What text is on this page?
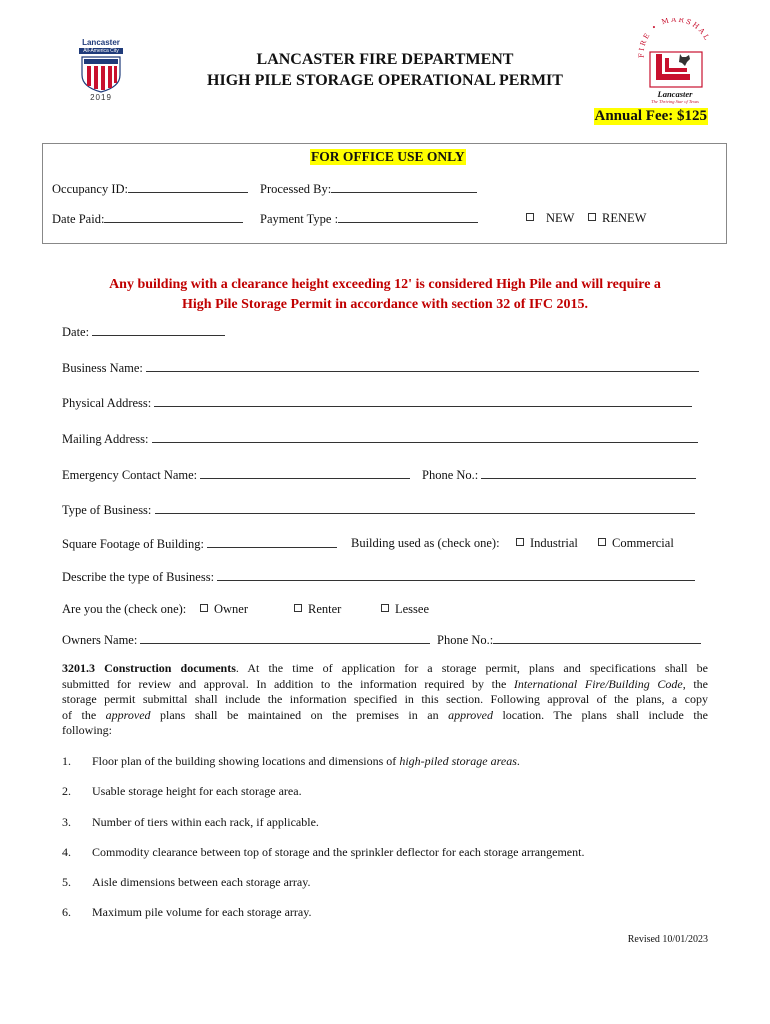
Lancaster
All-America City
2019
LANCASTER FIRE DEPARTMENT
HIGH PILE STORAGE OPERATIONAL PERMIT
FIRE • MARSHAL
Lancaster
The Thriving Star of Texas
Annual Fee: $125
FOR OFFICE USE ONLY
Occupancy ID:	Processed By:
Date Paid:	Payment Type :	NEW	RENEW
Any building with a clearance height exceeding 12' is considered High Pile and will require a
High Pile Storage Permit in accordance with section 32 of IFC 2015.
Date:
Business Name:
Physical Address:
Mailing Address:
Emergency Contact Name:	Phone No.:
Type of Business:
Square Footage of Building:	Building used as (check one):	Industrial	Commercial
Describe the type of Business:
Are you the (check one):	Owner	Renter	Lessee
Owners Name:	Phone No.:
3201.3 Construction documents. At the time of application for a storage permit, plans and specifications shall be
submitted for review and approval. In addition to the information required by the International Fire/Building Code, the
storage permit submittal shall include the information specified in this section. Following approval of the plans, a copy
of the approved plans shall be maintained on the premises in an approved location. The plans shall include the
following:
1. Floor plan of the building showing locations and dimensions of high-piled storage areas.
2. Usable storage height for each storage area.
3. Number of tiers within each rack, if applicable.
4. Commodity clearance between top of storage and the sprinkler deflector for each storage arrangement.
5. Aisle dimensions between each storage array.
6. Maximum pile volume for each storage array.
Revised 10/01/2023
